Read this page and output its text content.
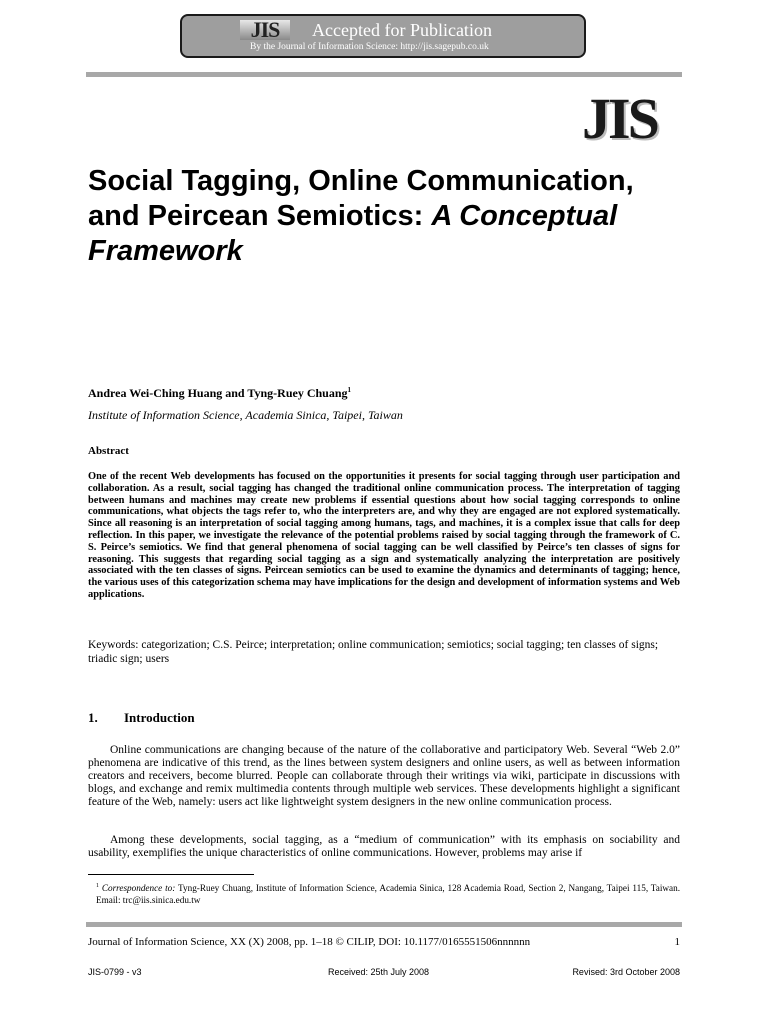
JIS	Accepted for Publication
By the Journal of Information Science: http://jis.sagepub.co.uk
JIS
Social Tagging, Online Communication, and Peircean Semiotics: A Conceptual Framework
Andrea Wei-Ching Huang and Tyng-Ruey Chuang$^1$
Institute of Information Science, Academia Sinica, Taipei, Taiwan
Abstract

One of the recent Web developments has focused on the opportunities it presents for social tagging through user participation and collaboration. As a result, social tagging has changed the traditional online communication process. The interpretation of tagging between humans and machines may create new problems if essential questions about how social tagging corresponds to online communications, what objects the tags refer to, who the interpreters are, and why they are engaged are not explored systematically. Since all reasoning is an interpretation of social tagging among humans, tags, and machines, it is a complex issue that calls for deep reflection. In this paper, we investigate the relevance of the potential problems raised by social tagging through the framework of C. S. Peirce’s semiotics. We find that general phenomena of social tagging can be well classified by Peirce’s ten classes of signs for reasoning. This suggests that regarding social tagging as a sign and systematically analyzing the interpretation are positively associated with the ten classes of signs. Peircean semiotics can be used to examine the dynamics and determinants of tagging; hence, the various uses of this categorization schema may have implications for the design and development of information systems and Web applications.

Keywords: categorization; C.S. Peirce; interpretation; online communication; semiotics; social tagging; ten classes of signs; triadic sign; users

1. Introduction

Online communications are changing because of the nature of the collaborative and participatory Web. Several “Web 2.0” phenomena are indicative of this trend, as the lines between system designers and online users, as well as between information creators and receivers, become blurred. People can collaborate through their writings via wiki, participate in discussions with blogs, and exchange and remix multimedia contents through multiple web services. These developments highlight a significant feature of the Web, namely: users act like lightweight system designers in the new online communication process.

Among these developments, social tagging, as a “medium of communication” with its emphasis on sociability and usability, exemplifies the unique characteristics of online communications. However, problems may arise if

$^1$ Correspondence to: Tyng-Ruey Chuang, Institute of Information Science, Academia Sinica, 128 Academia Road, Section 2, Nangang, Taipei 115, Taiwan. Email: trc@iis.sinica.edu.tw

Journal of Information Science, XX (X) 2008, pp. 1–18 © CILIP, DOI: 10.1177/0165551506nnnnnn	1
JIS-0799 - v3	Received: 25th July 2008	Revised: 3rd October 2008
